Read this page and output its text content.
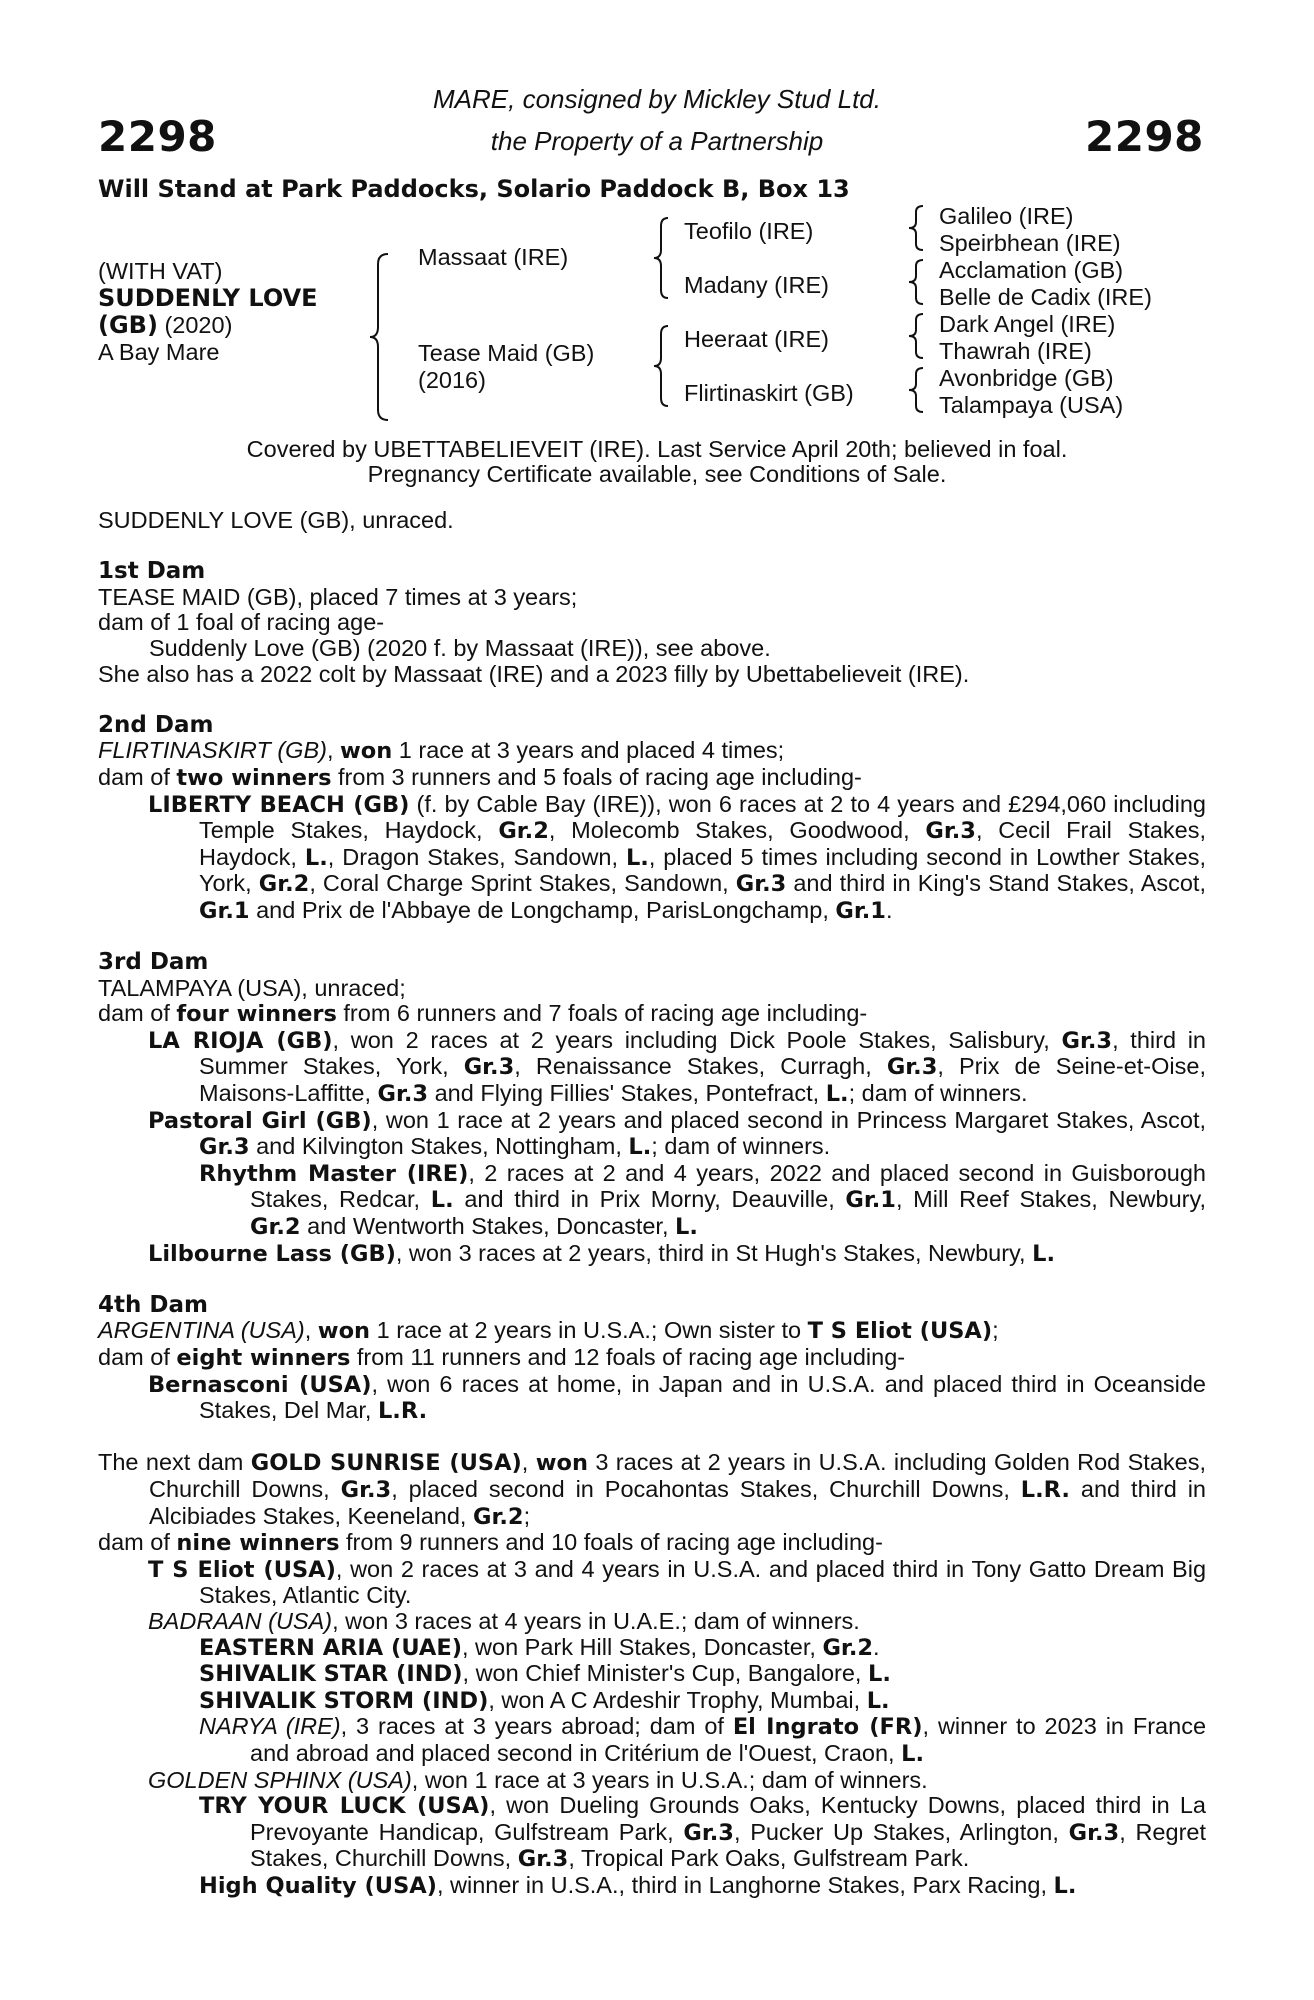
2298	2298
MARE, consigned by Mickley Stud Ltd.
the Property of a Partnership
Will Stand at Park Paddocks, Solario Paddock B, Box 13
(WITH VAT)
SUDDENLY LOVE
(GB) (2020)
A Bay Mare
Massaat (IRE)
Tease Maid (GB)
(2016)
Teofilo (IRE)
Madany (IRE)
Heeraat (IRE)
Flirtinaskirt (GB)
Galileo (IRE)
Speirbhean (IRE)
Acclamation (GB)
Belle de Cadix (IRE)
Dark Angel (IRE)
Thawrah (IRE)
Avonbridge (GB)
Talampaya (USA)
Covered by UBETTABELIEVEIT (IRE). Last Service April 20th; believed in foal.
Pregnancy Certificate available, see Conditions of Sale.
SUDDENLY LOVE (GB), unraced.
1st Dam
TEASE MAID (GB), placed 7 times at 3 years;
dam of 1 foal of racing age-
Suddenly Love (GB) (2020 f. by Massaat (IRE)), see above.
She also has a 2022 colt by Massaat (IRE) and a 2023 filly by Ubettabelieveit (IRE).
2nd Dam
FLIRTINASKIRT (GB), won 1 race at 3 years and placed 4 times;
dam of two winners from 3 runners and 5 foals of racing age including-
LIBERTY BEACH (GB) (f. by Cable Bay (IRE)), won 6 races at 2 to 4 years and £294,060 including Temple Stakes, Haydock, Gr.2, Molecomb Stakes, Goodwood, Gr.3, Cecil Frail Stakes, Haydock, L., Dragon Stakes, Sandown, L., placed 5 times including second in Lowther Stakes, York, Gr.2, Coral Charge Sprint Stakes, Sandown, Gr.3 and third in King's Stand Stakes, Ascot, Gr.1 and Prix de l'Abbaye de Longchamp, ParisLongchamp, Gr.1.
3rd Dam
TALAMPAYA (USA), unraced;
dam of four winners from 6 runners and 7 foals of racing age including-
LA RIOJA (GB), won 2 races at 2 years including Dick Poole Stakes, Salisbury, Gr.3, third in Summer Stakes, York, Gr.3, Renaissance Stakes, Curragh, Gr.3, Prix de Seine-et-Oise, Maisons-Laffitte, Gr.3 and Flying Fillies' Stakes, Pontefract, L.; dam of winners.
Pastoral Girl (GB), won 1 race at 2 years and placed second in Princess Margaret Stakes, Ascot, Gr.3 and Kilvington Stakes, Nottingham, L.; dam of winners.
Rhythm Master (IRE), 2 races at 2 and 4 years, 2022 and placed second in Guisborough Stakes, Redcar, L. and third in Prix Morny, Deauville, Gr.1, Mill Reef Stakes, Newbury, Gr.2 and Wentworth Stakes, Doncaster, L.
Lilbourne Lass (GB), won 3 races at 2 years, third in St Hugh's Stakes, Newbury, L.
4th Dam
ARGENTINA (USA), won 1 race at 2 years in U.S.A.; Own sister to T S Eliot (USA);
dam of eight winners from 11 runners and 12 foals of racing age including-
Bernasconi (USA), won 6 races at home, in Japan and in U.S.A. and placed third in Oceanside Stakes, Del Mar, L.R.
The next dam GOLD SUNRISE (USA), won 3 races at 2 years in U.S.A. including Golden Rod Stakes, Churchill Downs, Gr.3, placed second in Pocahontas Stakes, Churchill Downs, L.R. and third in Alcibiades Stakes, Keeneland, Gr.2;
dam of nine winners from 9 runners and 10 foals of racing age including-
T S Eliot (USA), won 2 races at 3 and 4 years in U.S.A. and placed third in Tony Gatto Dream Big Stakes, Atlantic City.
BADRAAN (USA), won 3 races at 4 years in U.A.E.; dam of winners.
EASTERN ARIA (UAE), won Park Hill Stakes, Doncaster, Gr.2.
SHIVALIK STAR (IND), won Chief Minister's Cup, Bangalore, L.
SHIVALIK STORM (IND), won A C Ardeshir Trophy, Mumbai, L.
NARYA (IRE), 3 races at 3 years abroad; dam of El Ingrato (FR), winner to 2023 in France and abroad and placed second in Critérium de l'Ouest, Craon, L.
GOLDEN SPHINX (USA), won 1 race at 3 years in U.S.A.; dam of winners.
TRY YOUR LUCK (USA), won Dueling Grounds Oaks, Kentucky Downs, placed third in La Prevoyante Handicap, Gulfstream Park, Gr.3, Pucker Up Stakes, Arlington, Gr.3, Regret Stakes, Churchill Downs, Gr.3, Tropical Park Oaks, Gulfstream Park.
High Quality (USA), winner in U.S.A., third in Langhorne Stakes, Parx Racing, L.
